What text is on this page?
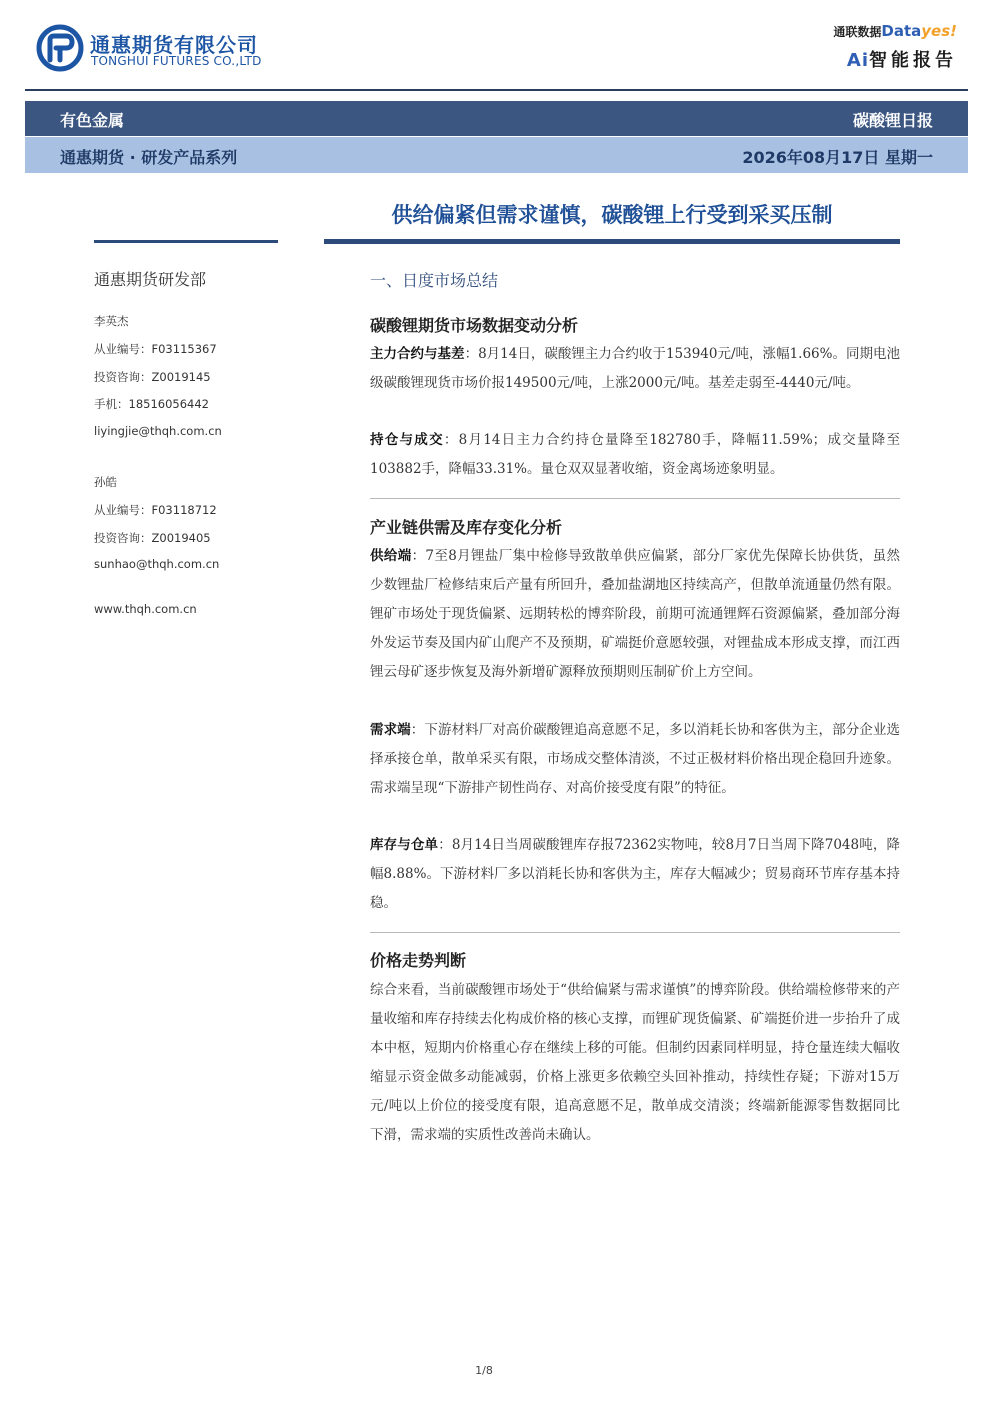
通惠期货有限公司
TONGHUI FUTURES CO.,LTD
通联数据Datayes!
Ai智能报告
有色金属	碳酸锂日报
通惠期货 · 研发产品系列	2026年08月17日 星期一
供给偏紧但需求谨慎，碳酸锂上行受到采买压制
通惠期货研发部
李英杰
从业编号：F03115367
投资咨询：Z0019145
手机：18516056442
liyingjie@thqh.com.cn
孙皓
从业编号：F03118712
投资咨询：Z0019405
sunhao@thqh.com.cn
www.thqh.com.cn
一、日度市场总结
碳酸锂期货市场数据变动分析
主力合约与基差：8月14日，碳酸锂主力合约收于153940元/吨，涨幅1.66%。同期电池级碳酸锂现货市场价报149500元/吨，上涨2000元/吨。基差走弱至-4440元/吨。
持仓与成交：8月14日主力合约持仓量降至182780手，降幅11.59%；成交量降至103882手，降幅33.31%。量仓双双显著收缩，资金离场迹象明显。
产业链供需及库存变化分析
供给端：7至8月锂盐厂集中检修导致散单供应偏紧，部分厂家优先保障长协供货，虽然少数锂盐厂检修结束后产量有所回升，叠加盐湖地区持续高产，但散单流通量仍然有限。锂矿市场处于现货偏紧、远期转松的博弈阶段，前期可流通锂辉石资源偏紧，叠加部分海外发运节奏及国内矿山爬产不及预期，矿端挺价意愿较强，对锂盐成本形成支撑，而江西锂云母矿逐步恢复及海外新增矿源释放预期则压制矿价上方空间。
需求端：下游材料厂对高价碳酸锂追高意愿不足，多以消耗长协和客供为主，部分企业选择承接仓单，散单采买有限，市场成交整体清淡，不过正极材料价格出现企稳回升迹象。需求端呈现“下游排产韧性尚存、对高价接受度有限”的特征。
库存与仓单：8月14日当周碳酸锂库存报72362实物吨，较8月7日当周下降7048吨，降幅8.88%。下游材料厂多以消耗长协和客供为主，库存大幅减少；贸易商环节库存基本持稳。
价格走势判断
综合来看，当前碳酸锂市场处于“供给偏紧与需求谨慎”的博弈阶段。供给端检修带来的产量收缩和库存持续去化构成价格的核心支撑，而锂矿现货偏紧、矿端挺价进一步抬升了成本中枢，短期内价格重心存在继续上移的可能。但制约因素同样明显，持仓量连续大幅收缩显示资金做多动能减弱，价格上涨更多依赖空头回补推动，持续性存疑；下游对15万元/吨以上价位的接受度有限，追高意愿不足，散单成交清淡；终端新能源零售数据同比下滑，需求端的实质性改善尚未确认。
1/8
